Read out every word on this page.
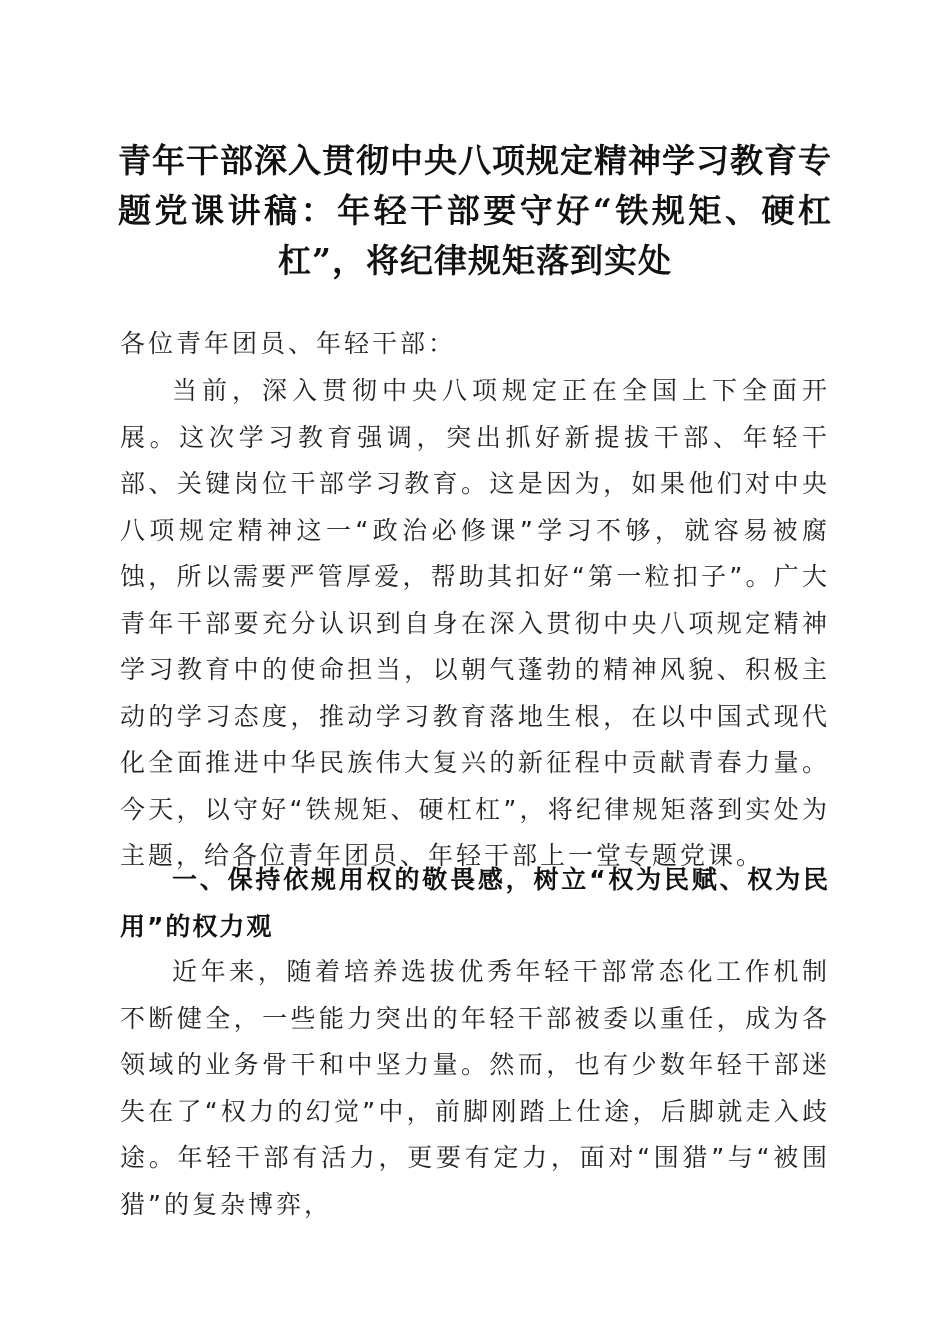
青年干部深入贯彻中央八项规定精神学习教育专题党课讲稿：年轻干部要守好“铁规矩、硬杠杠”，将纪律规矩落到实处

各位青年团员、年轻干部：

当前，深入贯彻中央八项规定正在全国上下全面开展。这次学习教育强调，突出抓好新提拔干部、年轻干部、关键岗位干部学习教育。这是因为，如果他们对中央八项规定精神这一“政治必修课”学习不够，就容易被腐蚀，所以需要严管厚爱，帮助其扣好“第一粒扣子”。广大青年干部要充分认识到自身在深入贯彻中央八项规定精神学习教育中的使命担当，以朝气蓬勃的精神风貌、积极主动的学习态度，推动学习教育落地生根，在以中国式现代化全面推进中华民族伟大复兴的新征程中贡献青春力量。今天，以守好“铁规矩、硬杠杠”，将纪律规矩落到实处为主题，给各位青年团员、年轻干部上一堂专题党课。

一、保持依规用权的敬畏感，树立“权为民赋、权为民用”的权力观

近年来，随着培养选拔优秀年轻干部常态化工作机制不断健全，一些能力突出的年轻干部被委以重任，成为各领域的业务骨干和中坚力量。然而，也有少数年轻干部迷失在了“权力的幻觉”中，前脚刚踏上仕途，后脚就走入歧途。年轻干部有活力，更要有定力，面对“围猎”与“被围猎”的复杂博弈，
